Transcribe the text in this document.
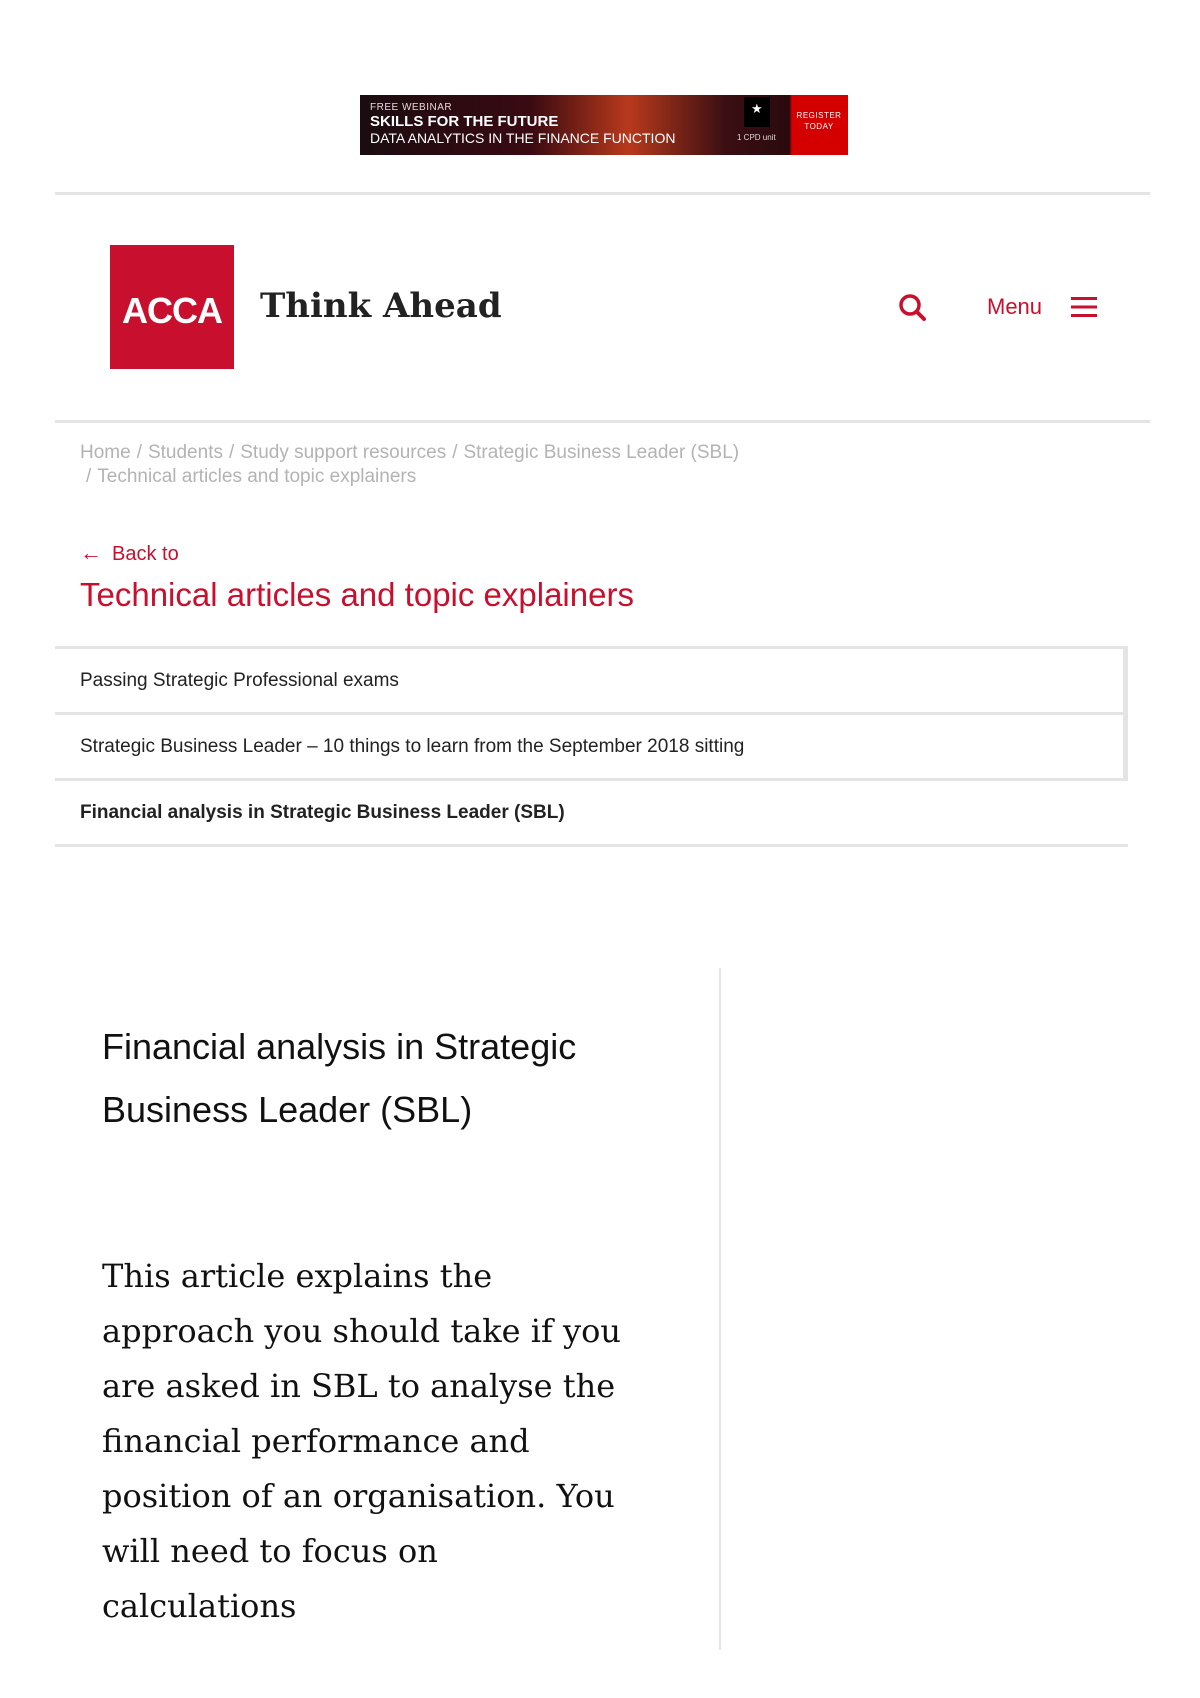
FREE WEBINAR
SKILLS FOR THE FUTURE
DATA ANALYTICS IN THE FINANCE FUNCTION
★
1 CPD unit
REGISTER TODAY
ACCA	Think Ahead	Menu
Home / Students / Study support resources / Strategic Business Leader (SBL)
/ Technical articles and topic explainers
← Back to
Technical articles and topic explainers
Passing Strategic Professional exams
Strategic Business Leader – 10 things to learn from the September 2018 sitting
Financial analysis in Strategic Business Leader (SBL)
Financial analysis in Strategic Business Leader (SBL)
This article explains the approach you should take if you are asked in SBL to analyse the financial performance and position of an organisation. You will need to focus on calculations
